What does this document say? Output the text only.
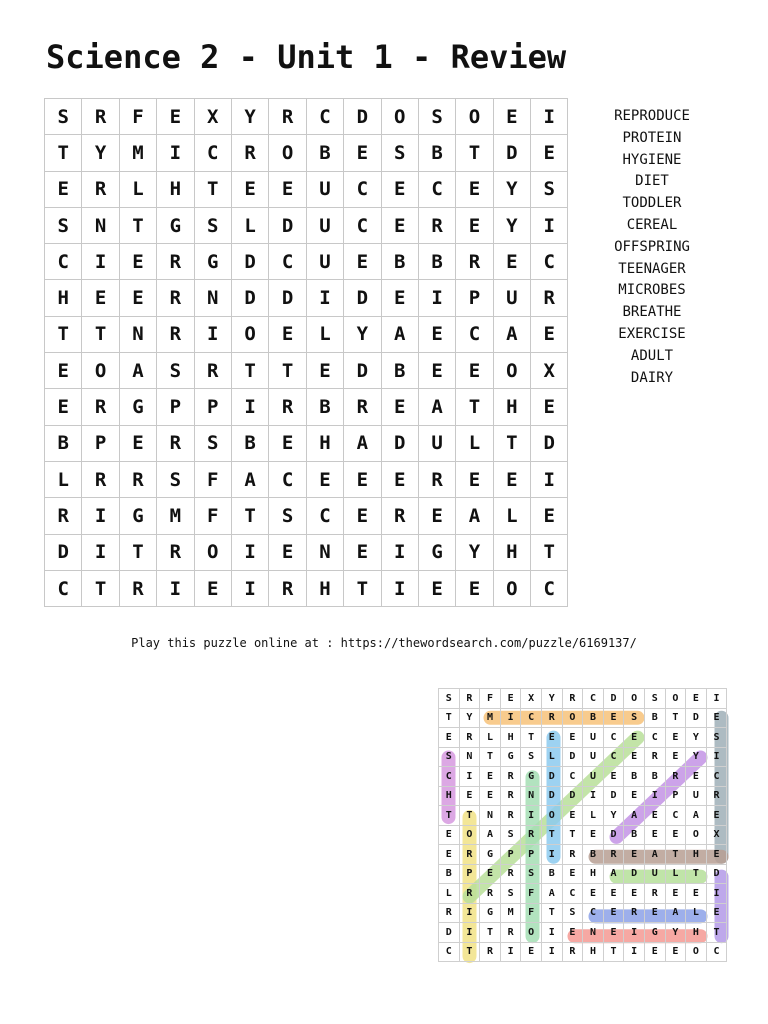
Science 2 - Unit 1 - Review
S	R	F	E	X	Y	R	C	D	O	S	O	E	I
T	Y	M	I	C	R	O	B	E	S	B	T	D	E
E	R	L	H	T	E	E	U	C	E	C	E	Y	S
S	N	T	G	S	L	D	U	C	E	R	E	Y	I
C	I	E	R	G	D	C	U	E	B	B	R	E	C
H	E	E	R	N	D	D	I	D	E	I	P	U	R
T	T	N	R	I	O	E	L	Y	A	E	C	A	E
E	O	A	S	R	T	T	E	D	B	E	E	O	X
E	R	G	P	P	I	R	B	R	E	A	T	H	E
B	P	E	R	S	B	E	H	A	D	U	L	T	D
L	R	R	S	F	A	C	E	E	E	R	E	E	I
R	I	G	M	F	T	S	C	E	R	E	A	L	E
D	I	T	R	O	I	E	N	E	I	G	Y	H	T
C	T	R	I	E	I	R	H	T	I	E	E	O	C
REPRODUCE
PROTEIN
HYGIENE
DIET
TODDLER
CEREAL
OFFSPRING
TEENAGER
MICROBES
BREATHE
EXERCISE
ADULT
DAIRY
Play this puzzle online at : https://thewordsearch.com/puzzle/6169137/
S	R	F	E	X	Y	R	C	D	O	S	O	E	I
T	Y	M	I	C	R	O	B	E	S	B	T	D	E
E	R	L	H	T	E	E	U	C	E	C	E	Y	S
S	N	T	G	S	L	D	U	C	E	R	E	Y	I
C	I	E	R	G	D	C	U	E	B	B	R	E	C
H	E	E	R	N	D	D	I	D	E	I	P	U	R
T	T	N	R	I	O	E	L	Y	A	E	C	A	E
E	O	A	S	R	T	T	E	D	B	E	E	O	X
E	R	G	P	P	I	R	B	R	E	A	T	H	E
B	P	E	R	S	B	E	H	A	D	U	L	T	D
L	R	R	S	F	A	C	E	E	E	R	E	E	I
R	I	G	M	F	T	S	C	E	R	E	A	L	E
D	I	T	R	O	I	E	N	E	I	G	Y	H	T
C	T	R	I	E	I	R	H	T	I	E	E	O	C
